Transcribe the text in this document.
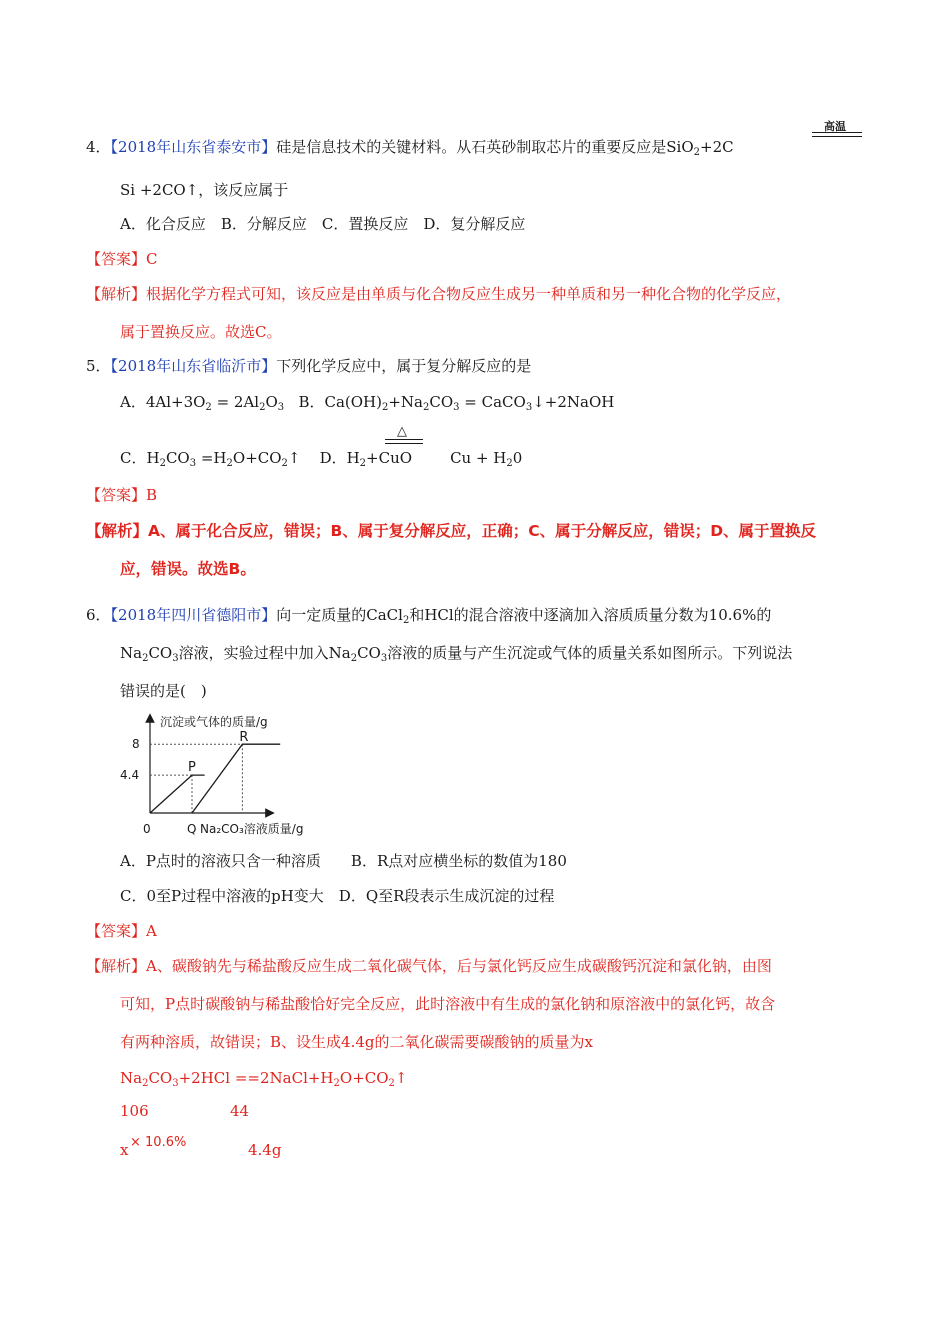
4．【2018年山东省泰安市】硅是信息技术的关键材料。从石英砂制取芯片的重要反应是SiO$_2$+2C
高温
Si +2CO↑，该反应属于
A．化合反应　B．分解反应　C．置换反应　D．复分解反应
【答案】C
【解析】根据化学方程式可知，该反应是由单质与化合物反应生成另一种单质和另一种化合物的化学反应，
属于置换反应。故选C。
5．【2018年山东省临沂市】下列化学反应中，属于复分解反应的是
A．$4Al+3O_2 = 2Al_2O_3$ B．$Ca(OH)_2+Na_2CO_3$ = CaCO$_3$↓+2NaOH
C．$H_2CO_3$ $=H_2O+CO_2↑$ D．$H_2+CuO$	$Cu + H_20$
△
【答案】B
【解析】A、属于化合反应，错误；B、属于复分解反应，正确；C、属于分解反应，错误；D、属于置换反
应，错误。故选B。
6．【2018年四川省德阳市】向一定质量的CaCl$_2$和HCl的混合溶液中逐滴加入溶质质量分数为10.6%的
$Na_2CO_3$溶液，实验过程中加入$Na_2CO_3$溶液的质量与产生沉淀或气体的质量关系如图所示。下列说法
错误的是(　)
沉淀或气体的质量/g
Na₂CO₃溶液质量/g
0
8
4.4
Q
P
R
A．P点时的溶液只含一种溶质　　B．R点对应横坐标的数值为180
C．0至P过程中溶液的pH变大　D．Q至R段表示生成沉淀的过程
【答案】A
【解析】A、碳酸钠先与稀盐酸反应生成二氧化碳气体，后与氯化钙反应生成碳酸钙沉淀和氯化钠，由图
可知，P点时碳酸钠与稀盐酸恰好完全反应，此时溶液中有生成的氯化钠和原溶液中的氯化钙，故含
有两种溶质，故错误；B、设生成4.4g的二氧化碳需要碳酸钠的质量为x
$Na_2CO_3+2HCl$ $==2NaCl+H_2O+CO_2↑$
106	44
x × 10.6%	4.4g
